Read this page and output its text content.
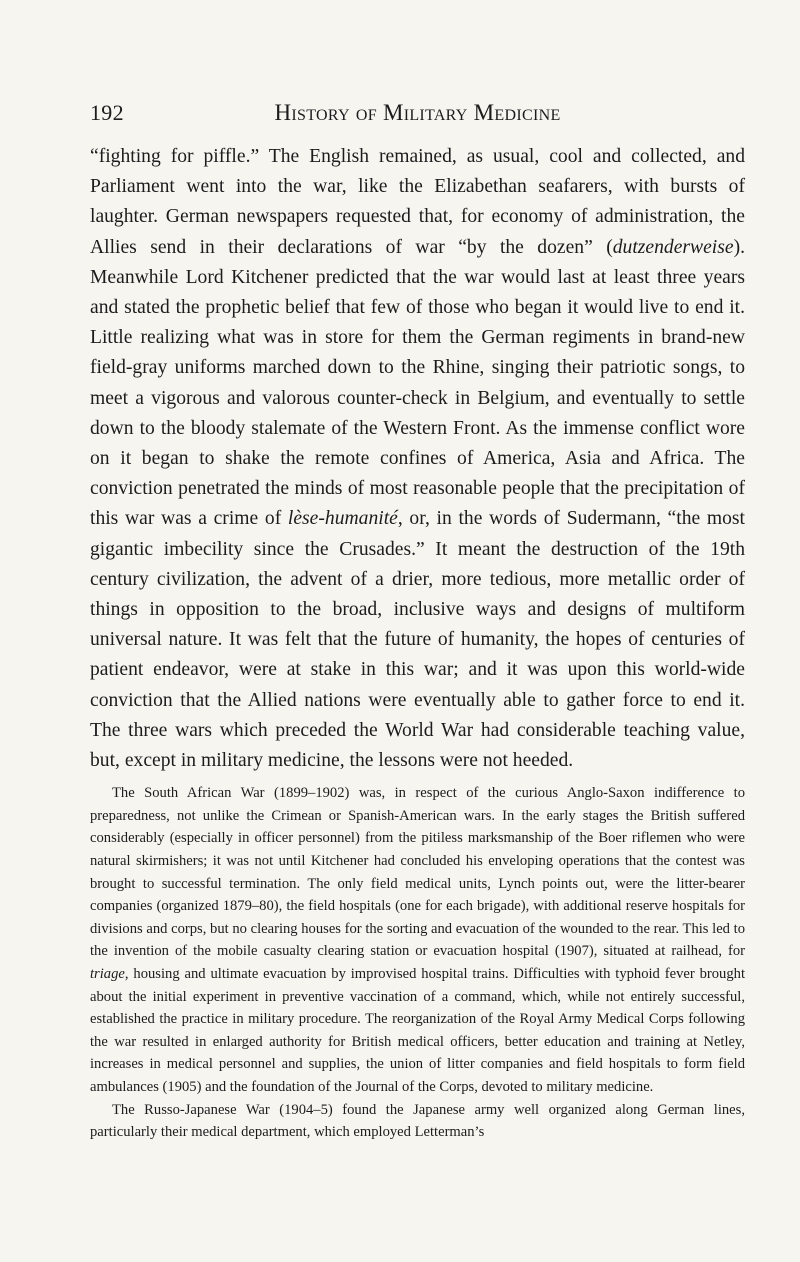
192	History of Military Medicine

“fighting for piffle.” The English remained, as usual, cool and collected, and Parliament went into the war, like the Elizabethan seafarers, with bursts of laughter. German newspapers requested that, for economy of administration, the Allies send in their declarations of war “by the dozen” (dutzenderweise). Meanwhile Lord Kitchener predicted that the war would last at least three years and stated the prophetic belief that few of those who began it would live to end it. Little realizing what was in store for them the German regiments in brand-new field-gray uniforms marched down to the Rhine, singing their patriotic songs, to meet a vigorous and valorous counter-check in Belgium, and eventually to settle down to the bloody stalemate of the Western Front. As the immense conflict wore on it began to shake the remote confines of America, Asia and Africa. The conviction penetrated the minds of most reasonable people that the precipitation of this war was a crime of lèse-humanité, or, in the words of Sudermann, “the most gigantic imbecility since the Crusades.” It meant the destruction of the 19th century civilization, the advent of a drier, more tedious, more metallic order of things in opposition to the broad, inclusive ways and designs of multiform universal nature. It was felt that the future of humanity, the hopes of centuries of patient endeavor, were at stake in this war; and it was upon this world-wide conviction that the Allied nations were eventually able to gather force to end it. The three wars which preceded the World War had considerable teaching value, but, except in military medicine, the lessons were not heeded.

The South African War (1899–1902) was, in respect of the curious Anglo-Saxon indifference to preparedness, not unlike the Crimean or Spanish-American wars. In the early stages the British suffered considerably (especially in officer personnel) from the pitiless marksmanship of the Boer riflemen who were natural skirmishers; it was not until Kitchener had concluded his enveloping operations that the contest was brought to successful termination. The only field medical units, Lynch points out, were the litter-bearer companies (organized 1879–80), the field hospitals (one for each brigade), with additional reserve hospitals for divisions and corps, but no clearing houses for the sorting and evacuation of the wounded to the rear. This led to the invention of the mobile casualty clearing station or evacuation hospital (1907), situated at railhead, for triage, housing and ultimate evacuation by improvised hospital trains. Difficulties with typhoid fever brought about the initial experiment in preventive vaccination of a command, which, while not entirely successful, established the practice in military procedure. The reorganization of the Royal Army Medical Corps following the war resulted in enlarged authority for British medical officers, better education and training at Netley, increases in medical personnel and supplies, the union of litter companies and field hospitals to form field ambulances (1905) and the foundation of the Journal of the Corps, devoted to military medicine.

The Russo-Japanese War (1904–5) found the Japanese army well organized along German lines, particularly their medical department, which employed Letterman’s
